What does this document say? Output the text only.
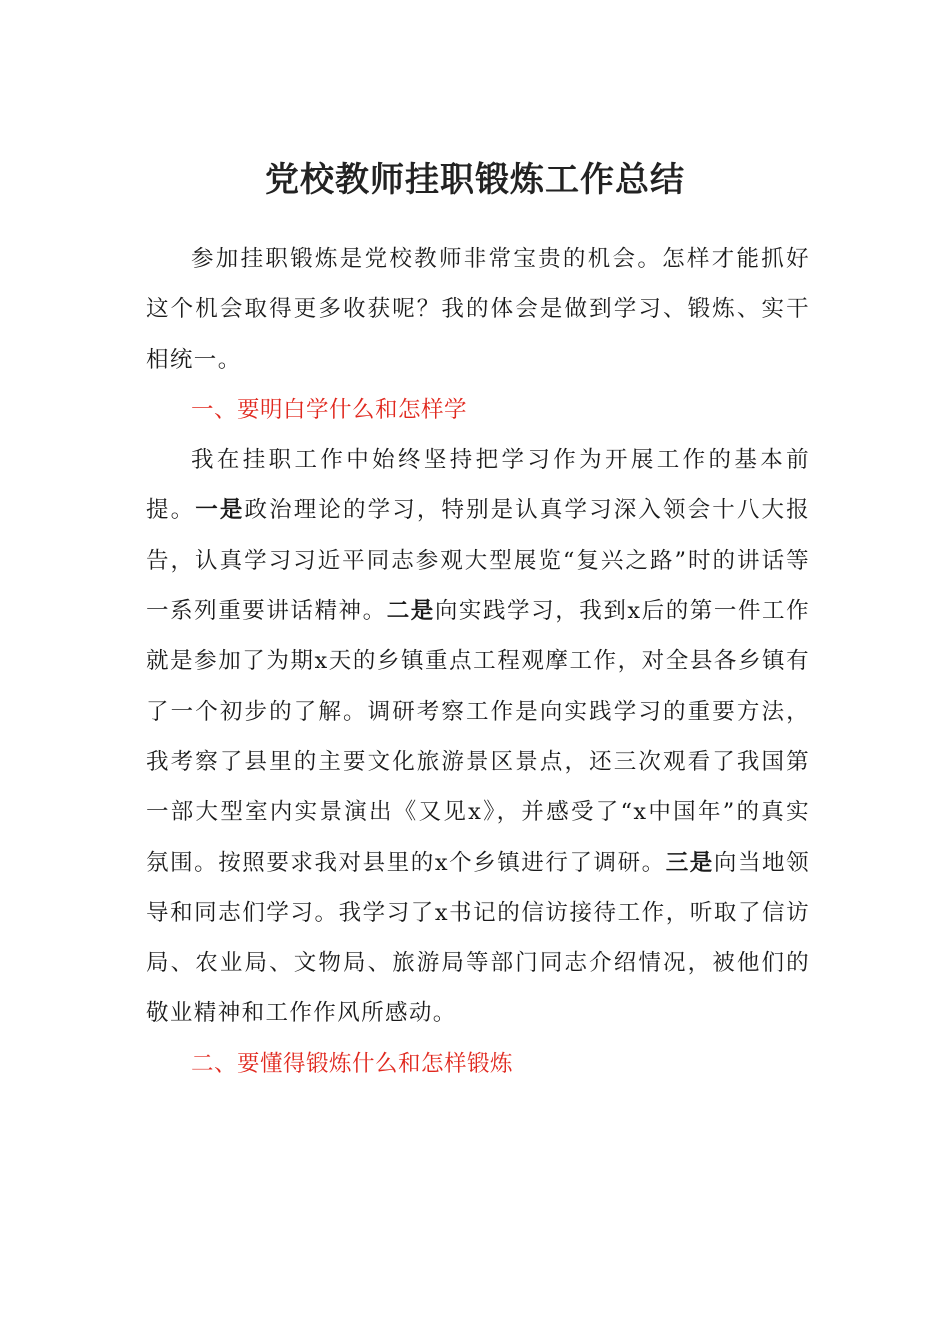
党校教师挂职锻炼工作总结

参加挂职锻炼是党校教师非常宝贵的机会。怎样才能抓好这个机会取得更多收获呢？我的体会是做到学习、锻炼、实干相统一。

一、要明白学什么和怎样学

我在挂职工作中始终坚持把学习作为开展工作的基本前提。一是政治理论的学习，特别是认真学习深入领会十八大报告，认真学习习近平同志参观大型展览“复兴之路”时的讲话等一系列重要讲话精神。二是向实践学习，我到x后的第一件工作就是参加了为期x天的乡镇重点工程观摩工作，对全县各乡镇有了一个初步的了解。调研考察工作是向实践学习的重要方法，我考察了县里的主要文化旅游景区景点，还三次观看了我国第一部大型室内实景演出《又见x》，并感受了“x中国年”的真实氛围。按照要求我对县里的x个乡镇进行了调研。三是向当地领导和同志们学习。我学习了x书记的信访接待工作，听取了信访局、农业局、文物局、旅游局等部门同志介绍情况，被他们的敬业精神和工作作风所感动。

二、要懂得锻炼什么和怎样锻炼
